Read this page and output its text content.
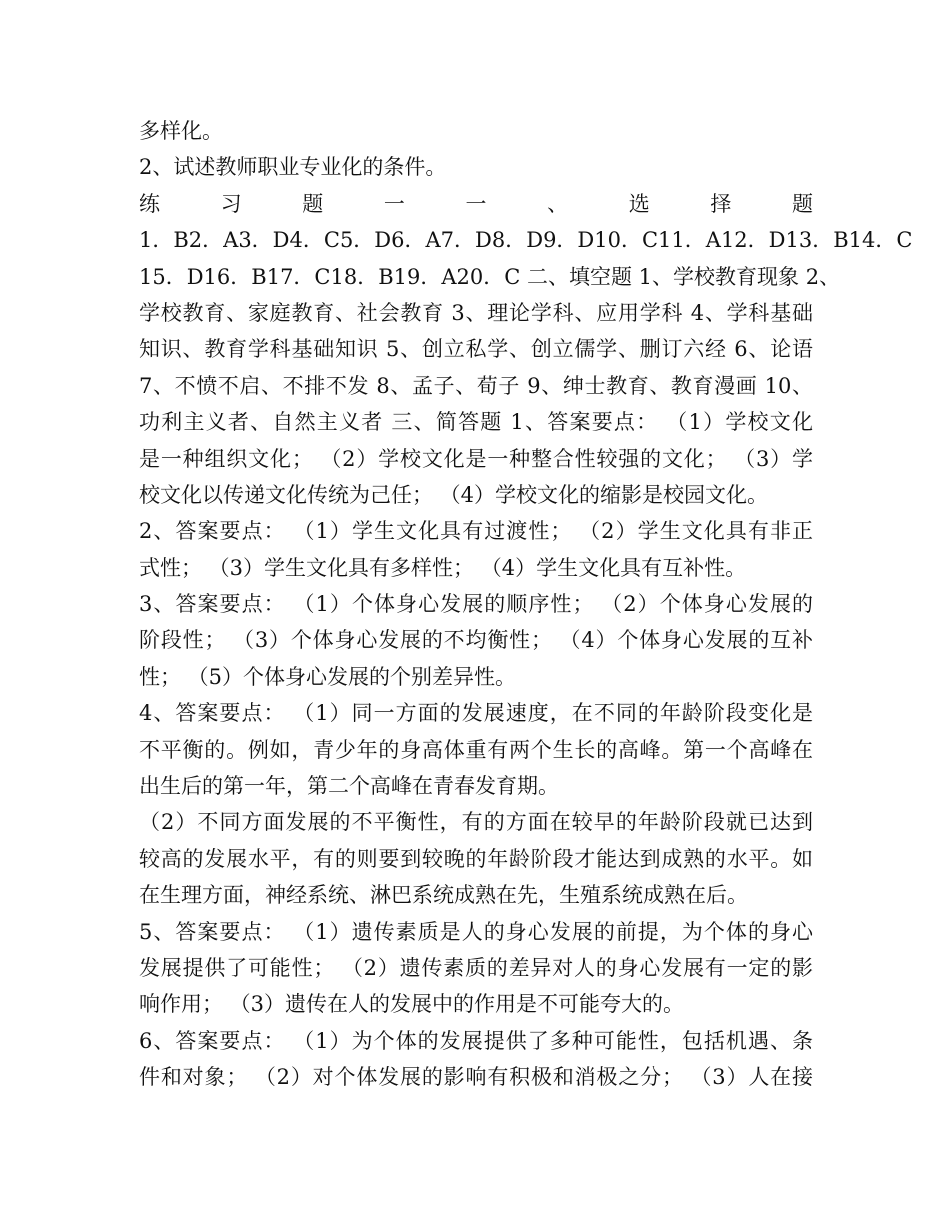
多样化。
2、试述教师职业专业化的条件。
练	习	题	一	一	、	选	择	题
1．B2．A3．D4．C5．D6．A7．D8．D9．D10．C11．A12．D13．B14．C
15．D16．B17．C18．B19．A20．C 二、填空题 1、学校教育现象 2、
学校教育、家庭教育、社会教育 3、理论学科、应用学科 4、学科基础
知识、教育学科基础知识 5、创立私学、创立儒学、删订六经 6、论语
7、不愤不启、不排不发 8、孟子、荀子 9、绅士教育、教育漫画 10、
功利主义者、自然主义者 三、简答题 1、答案要点： （1）学校文化
是一种组织文化； （2）学校文化是一种整合性较强的文化； （3）学
校文化以传递文化传统为己任； （4）学校文化的缩影是校园文化。
2、答案要点： （1）学生文化具有过渡性； （2）学生文化具有非正
式性； （3）学生文化具有多样性； （4）学生文化具有互补性。
3、答案要点： （1）个体身心发展的顺序性； （2）个体身心发展的
阶段性； （3）个体身心发展的不均衡性； （4）个体身心发展的互补
性； （5）个体身心发展的个别差异性。
4、答案要点： （1）同一方面的发展速度，在不同的年龄阶段变化是
不平衡的。例如，青少年的身高体重有两个生长的高峰。第一个高峰在
出生后的第一年，第二个高峰在青春发育期。
（2）不同方面发展的不平衡性，有的方面在较早的年龄阶段就已达到
较高的发展水平，有的则要到较晚的年龄阶段才能达到成熟的水平。如
在生理方面，神经系统、淋巴系统成熟在先，生殖系统成熟在后。
5、答案要点： （1）遗传素质是人的身心发展的前提，为个体的身心
发展提供了可能性； （2）遗传素质的差异对人的身心发展有一定的影
响作用； （3）遗传在人的发展中的作用是不可能夸大的。
6、答案要点： （1）为个体的发展提供了多种可能性，包括机遇、条
件和对象； （2）对个体发展的影响有积极和消极之分； （3）人在接
